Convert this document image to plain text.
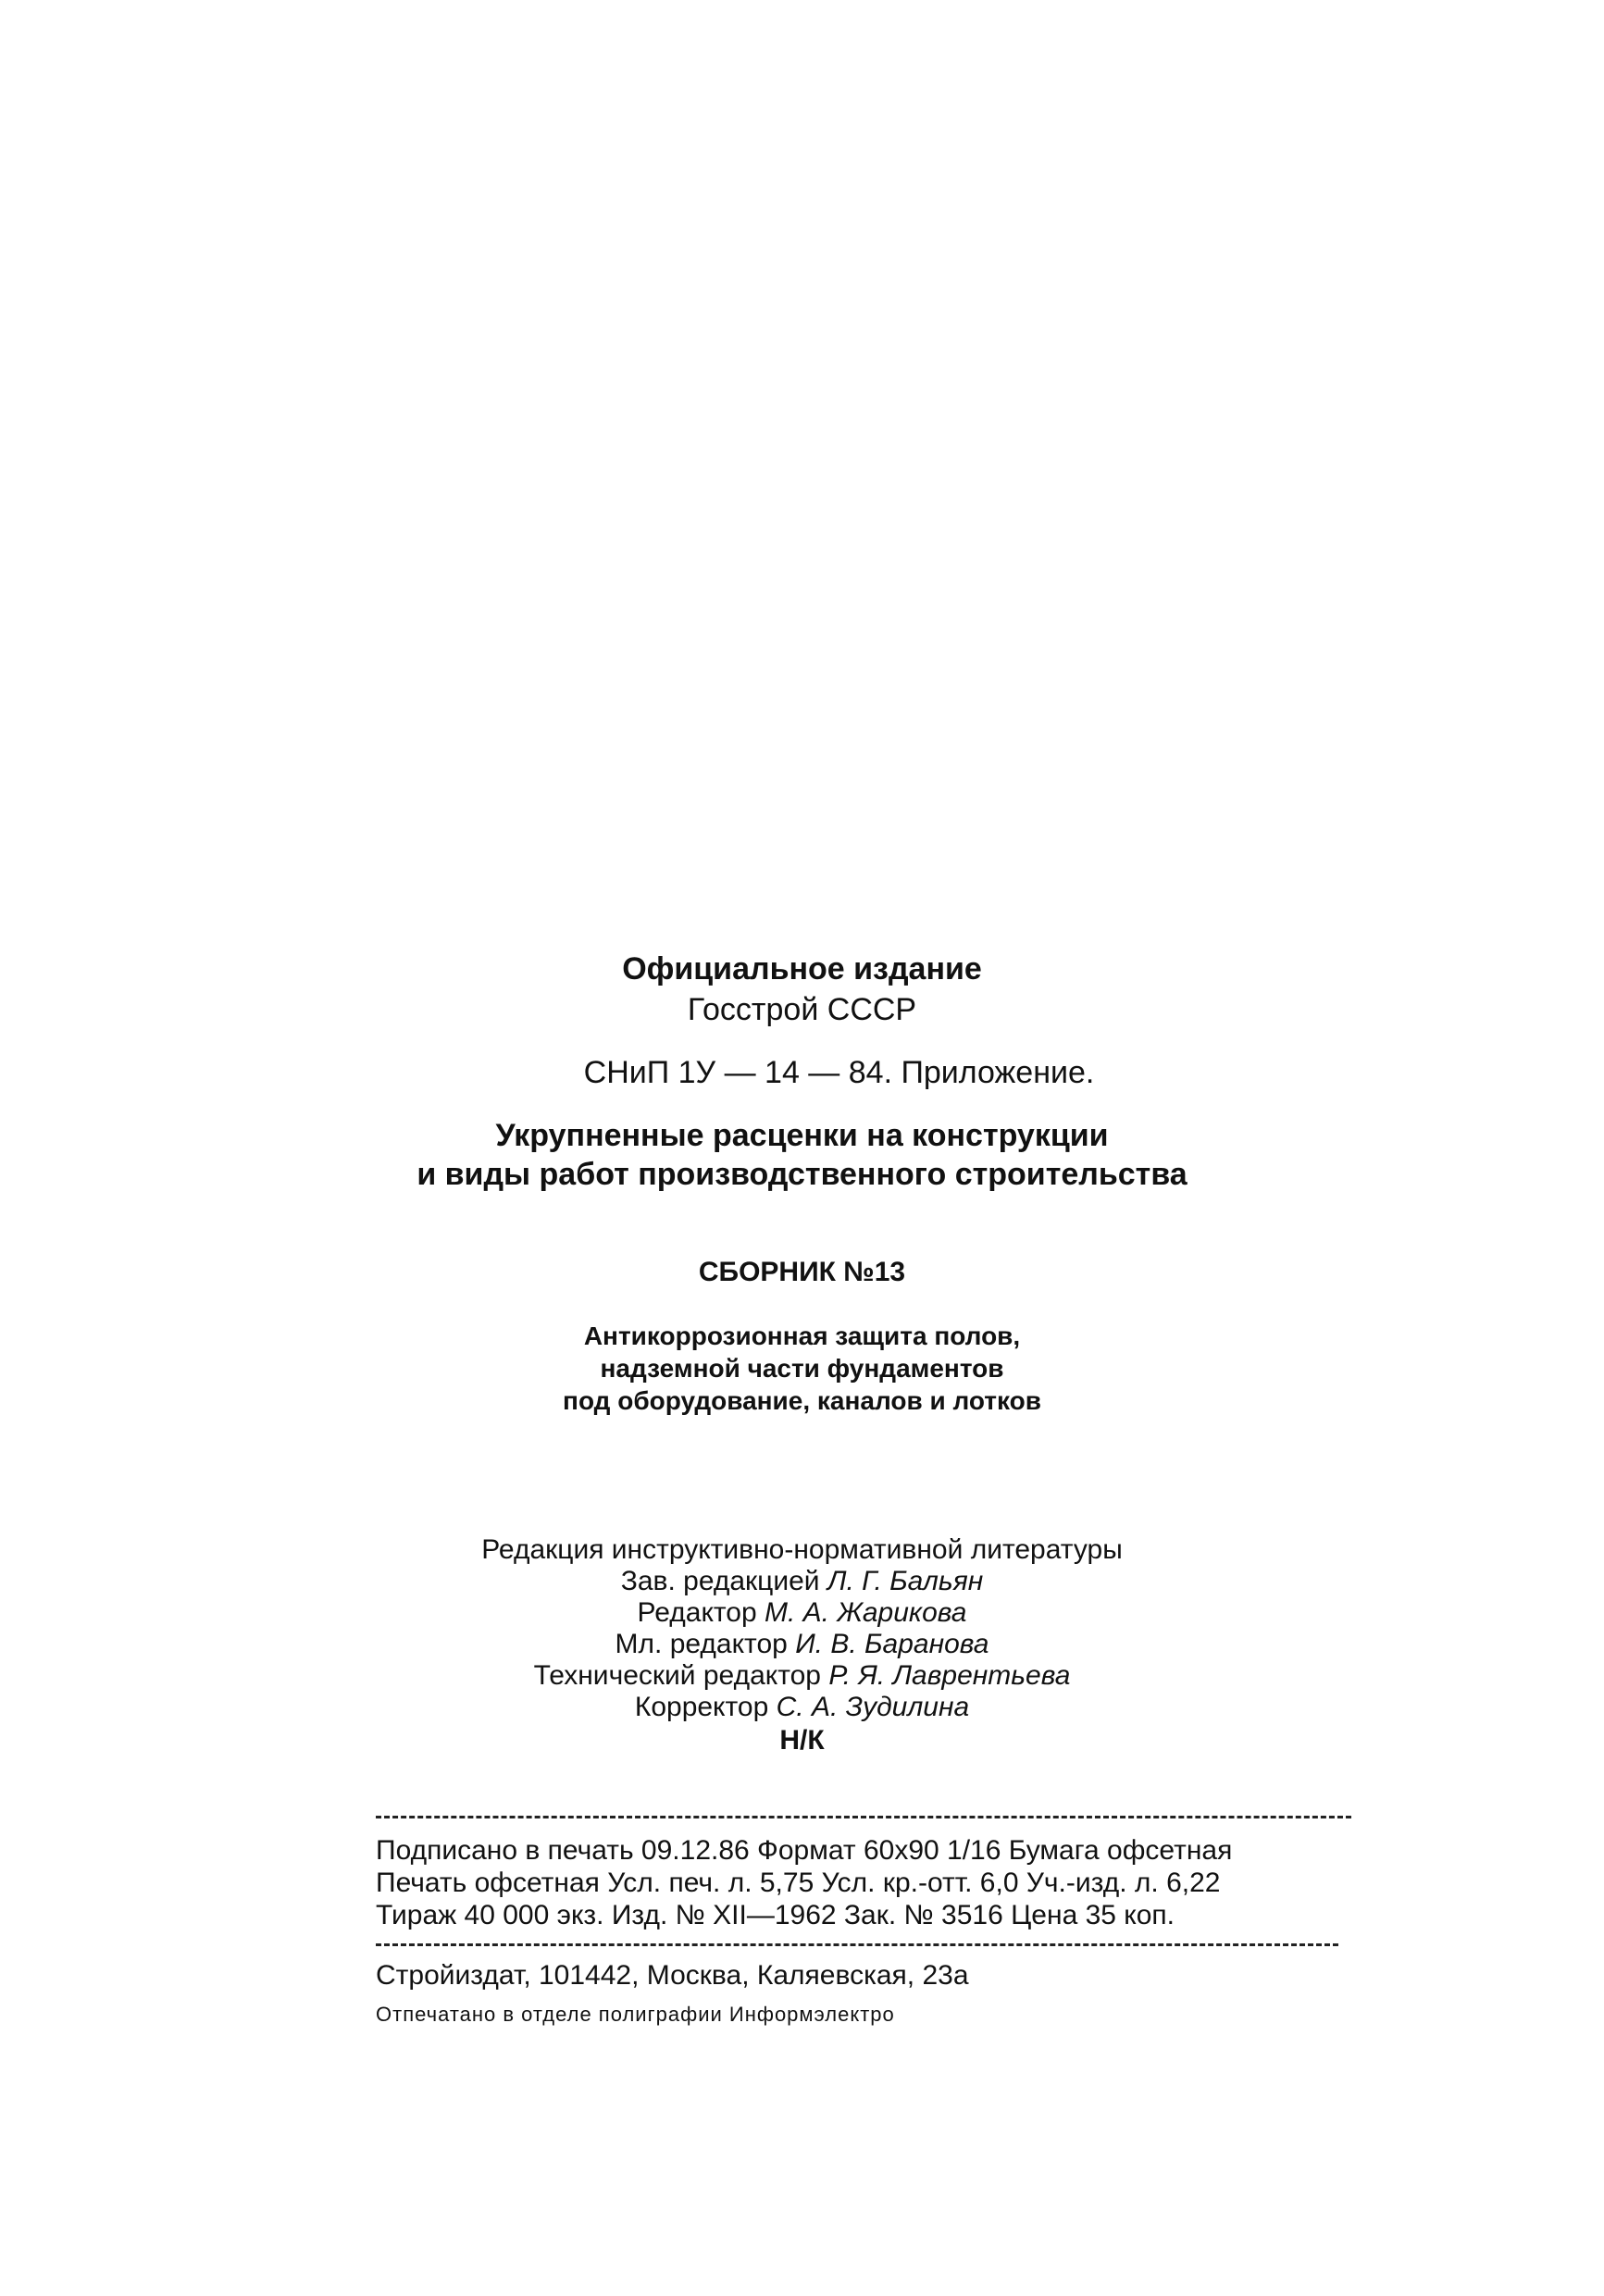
Официальное издание
Госстрой СССР
СНиП 1У — 14 — 84. Приложение.
Укрупненные расценки на конструкции
и виды работ производственного строительства
СБОРНИК №13
Антикоррозионная защита полов,
надземной части фундаментов
под оборудование, каналов и лотков
Редакция инструктивно-нормативной литературы
Зав. редакцией Л. Г. Бальян
Редактор М. А. Жарикова
Мл. редактор И. В. Баранова
Технический редактор Р. Я. Лаврентьева
Корректор С. А. Зудилина
Н/К
Подписано в печать 09.12.86 Формат 60х90 1/16 Бумага офсетная
Печать офсетная Усл. печ. л. 5,75 Усл. кр.-отт. 6,0 Уч.-изд. л. 6,22
Тираж 40 000 экз. Изд. № XII—1962 Зак. № 3516 Цена 35 коп.
Стройиздат, 101442, Москва, Каляевская, 23а
Отпечатано в отделе полиграфии Информэлектро
